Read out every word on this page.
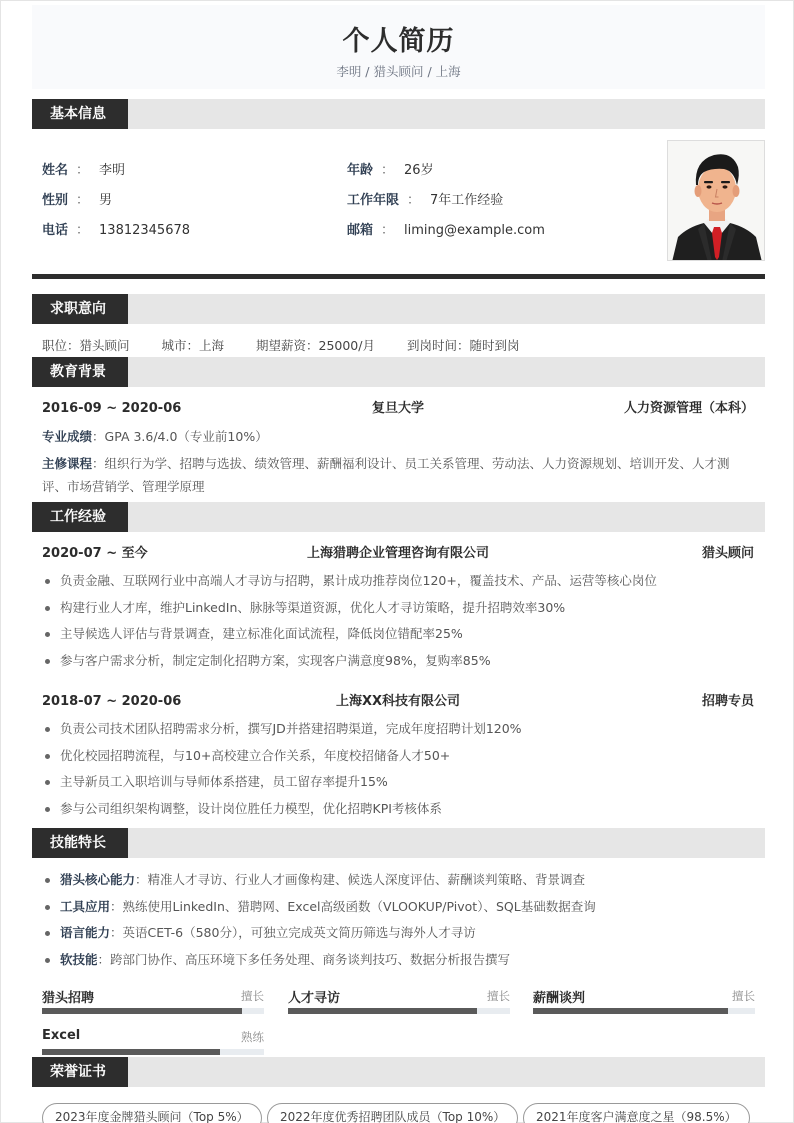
个人简历
李明 / 猎头顾问 / 上海
基本信息
姓名 ： 李明
性别 ： 男
电话 ： 13812345678
年龄 ： 26岁
工作年限 ： 7年工作经验
邮箱 ： liming@example.com
求职意向
职位：猎头顾问	城市：上海	期望薪资：25000/月	到岗时间：随时到岗
教育背景
2016-09 ~ 2020-06	复旦大学	人力资源管理（本科）
专业成绩：GPA 3.6/4.0（专业前10%）
主修课程：组织行为学、招聘与选拔、绩效管理、薪酬福利设计、员工关系管理、劳动法、人力资源规划、培训开发、人才测评、市场营销学、管理学原理
工作经验
2020-07 ~ 至今	上海猎聘企业管理咨询有限公司	猎头顾问
负责金融、互联网行业中高端人才寻访与招聘，累计成功推荐岗位120+，覆盖技术、产品、运营等核心岗位
构建行业人才库，维护LinkedIn、脉脉等渠道资源，优化人才寻访策略，提升招聘效率30%
主导候选人评估与背景调查，建立标准化面试流程，降低岗位错配率25%
参与客户需求分析，制定定制化招聘方案，实现客户满意度98%，复购率85%
2018-07 ~ 2020-06	上海XX科技有限公司	招聘专员
负责公司技术团队招聘需求分析，撰写JD并搭建招聘渠道，完成年度招聘计划120%
优化校园招聘流程，与10+高校建立合作关系，年度校招储备人才50+
主导新员工入职培训与导师体系搭建，员工留存率提升15%
参与公司组织架构调整，设计岗位胜任力模型，优化招聘KPI考核体系
技能特长
猎头核心能力：精准人才寻访、行业人才画像构建、候选人深度评估、薪酬谈判策略、背景调查
工具应用：熟练使用LinkedIn、猎聘网、Excel高级函数（VLOOKUP/Pivot）、SQL基础数据查询
语言能力：英语CET-6（580分），可独立完成英文简历筛选与海外人才寻访
软技能：跨部门协作、高压环境下多任务处理、商务谈判技巧、数据分析报告撰写
猎头招聘	擅长 人才寻访	擅长 薪酬谈判	擅长
Excel	熟练
荣誉证书
2023年度金牌猎头顾问（Top 5%）	2022年度优秀招聘团队成员（Top 10%）	2021年度客户满意度之星（98.5%）
